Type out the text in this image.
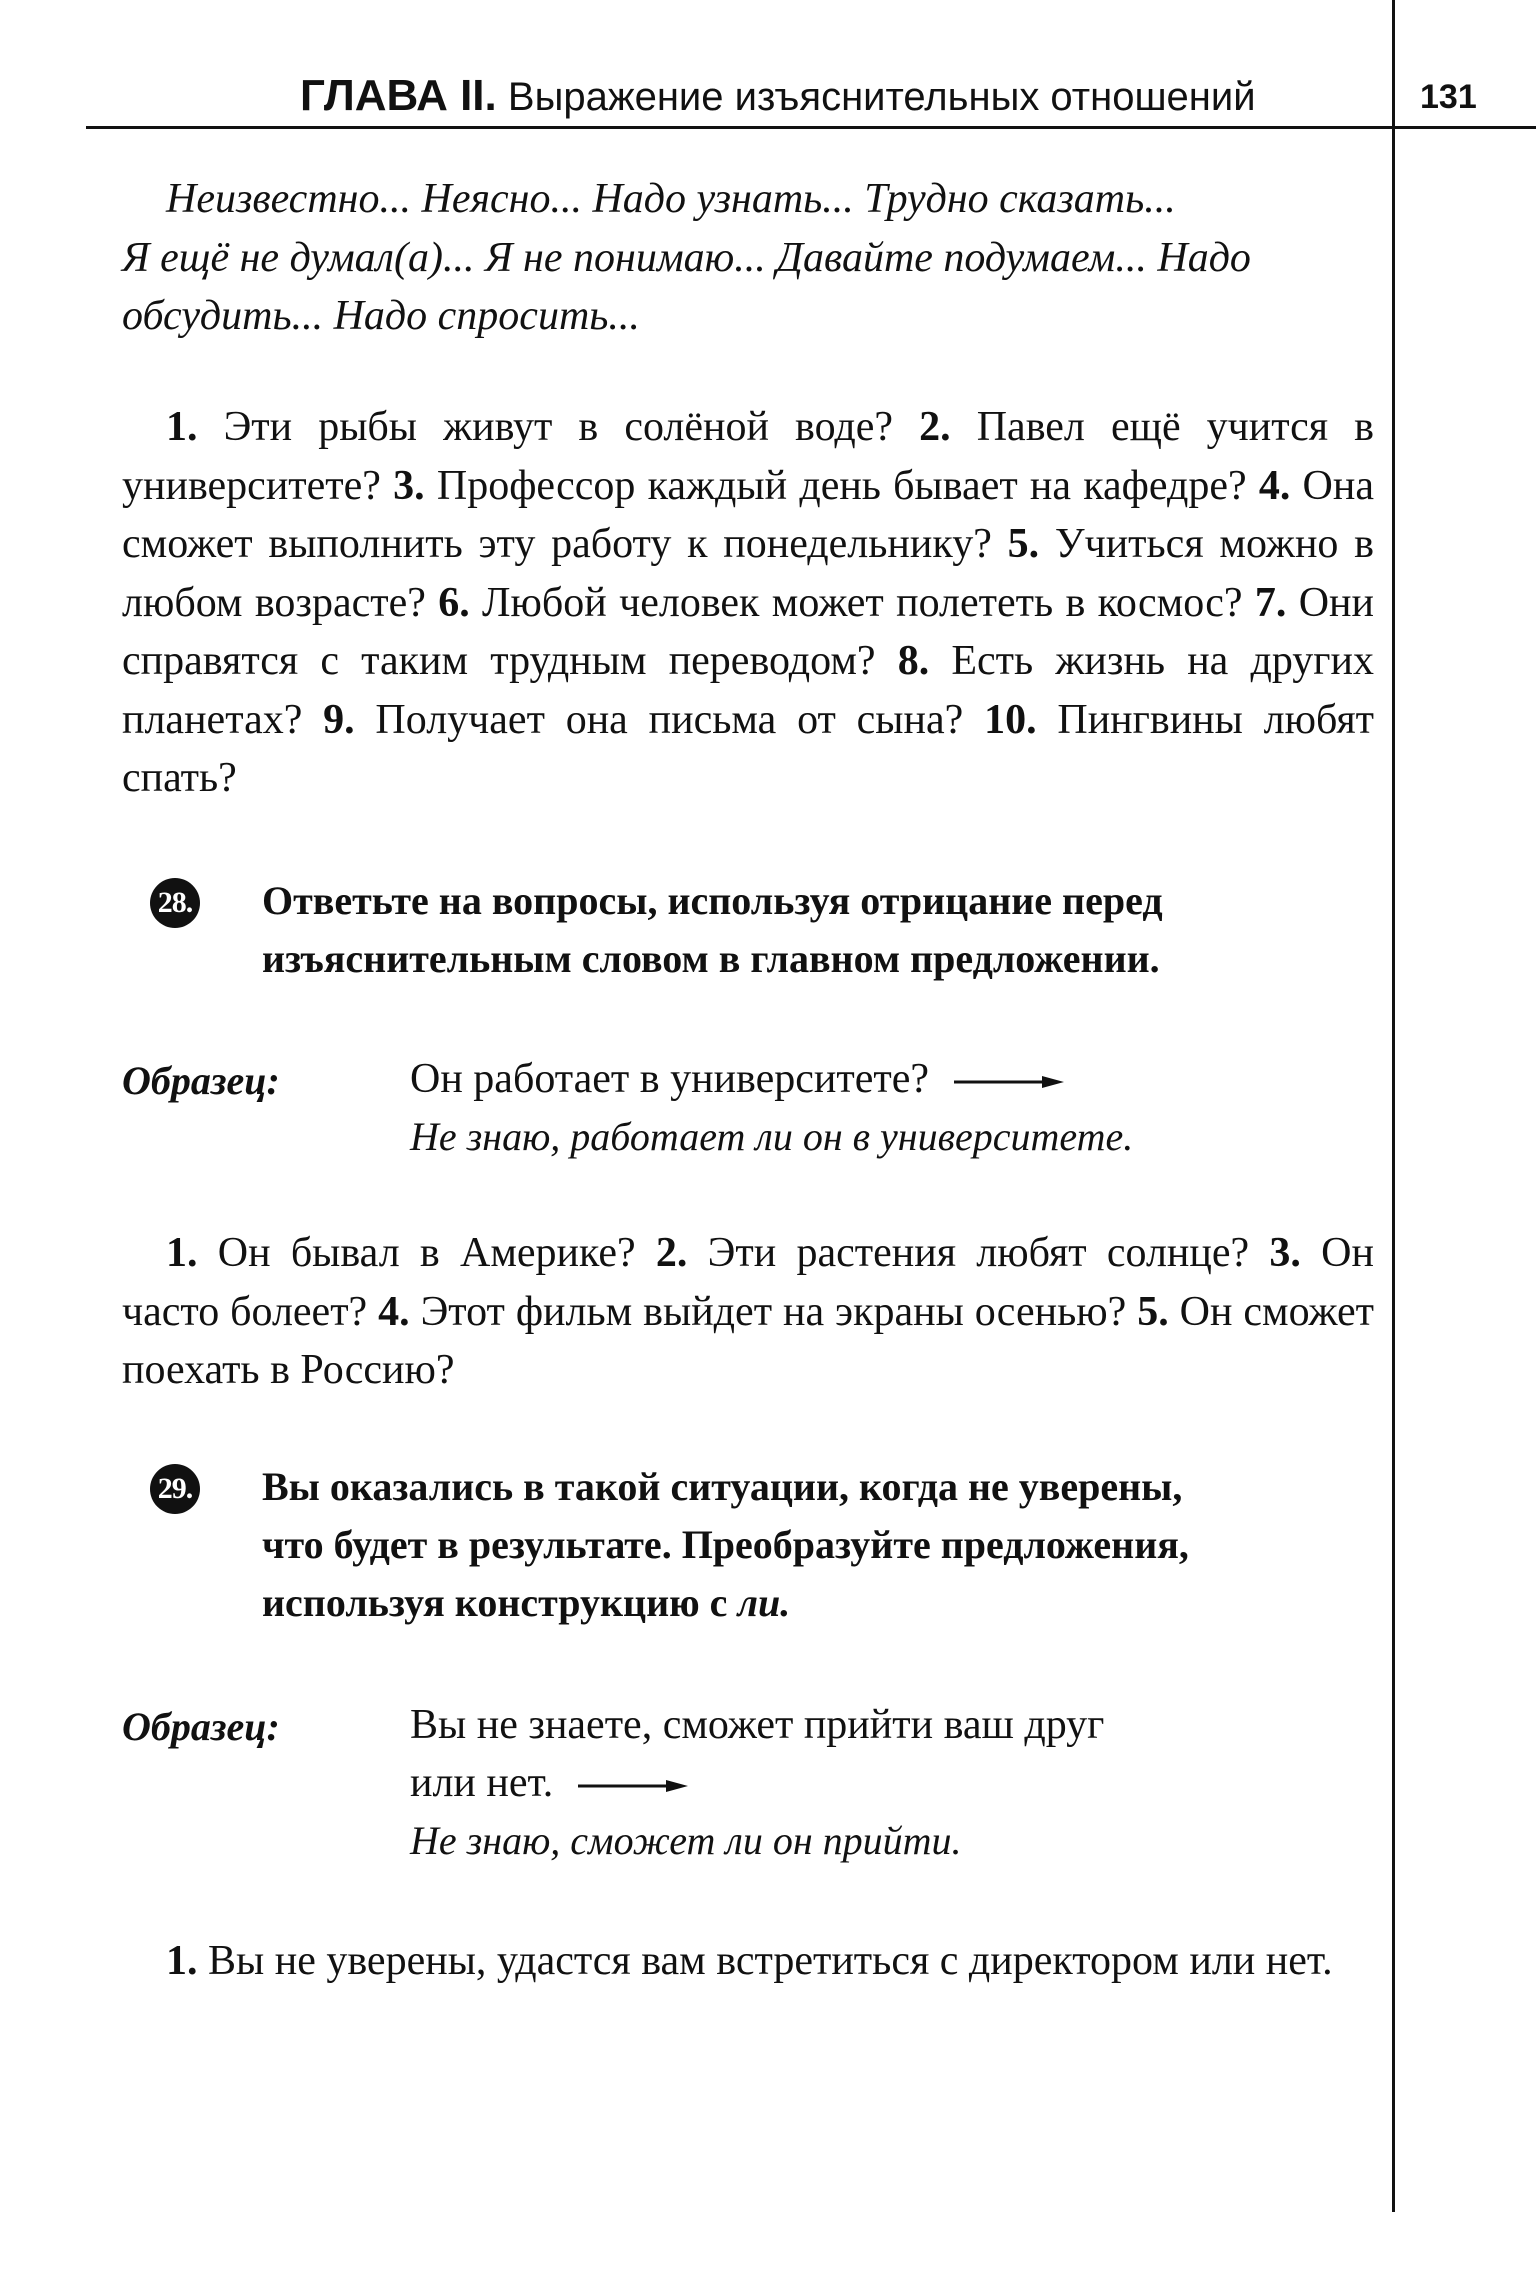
ГЛАВА II. Выражение изъяснительных отношений	131
Неизвестно... Неясно... Надо узнать... Трудно сказать...
Я ещё не думал(а)... Я не понимаю... Давайте подумаем... Надо
обсудить... Надо спросить...
1. Эти рыбы живут в солёной воде? 2. Павел ещё учится в университете? 3. Профессор каждый день бывает на кафедре? 4. Она сможет выполнить эту работу к понедельнику? 5. Учиться можно в любом возрасте? 6. Любой человек может полететь в космос? 7. Они справятся с таким трудным переводом? 8. Есть жизнь на других планетах? 9. Получает она письма от сына? 10. Пингвины любят спать?
28. Ответьте на вопросы, используя отрицание перед
изъяснительным словом в главном предложении.
Образец:	Он работает в университете?
Не знаю, работает ли он в университете.
1. Он бывал в Америке? 2. Эти растения любят солнце? 3. Он часто болеет? 4. Этот фильм выйдет на экраны осенью? 5. Он сможет поехать в Россию?
29. Вы оказались в такой ситуации, когда не уверены,
что будет в результате. Преобразуйте предложения,
используя конструкцию с ли.
Образец:	Вы не знаете, сможет прийти ваш друг
или нет.
Не знаю, сможет ли он прийти.
1. Вы не уверены, удастся вам встретиться с директором или нет.
